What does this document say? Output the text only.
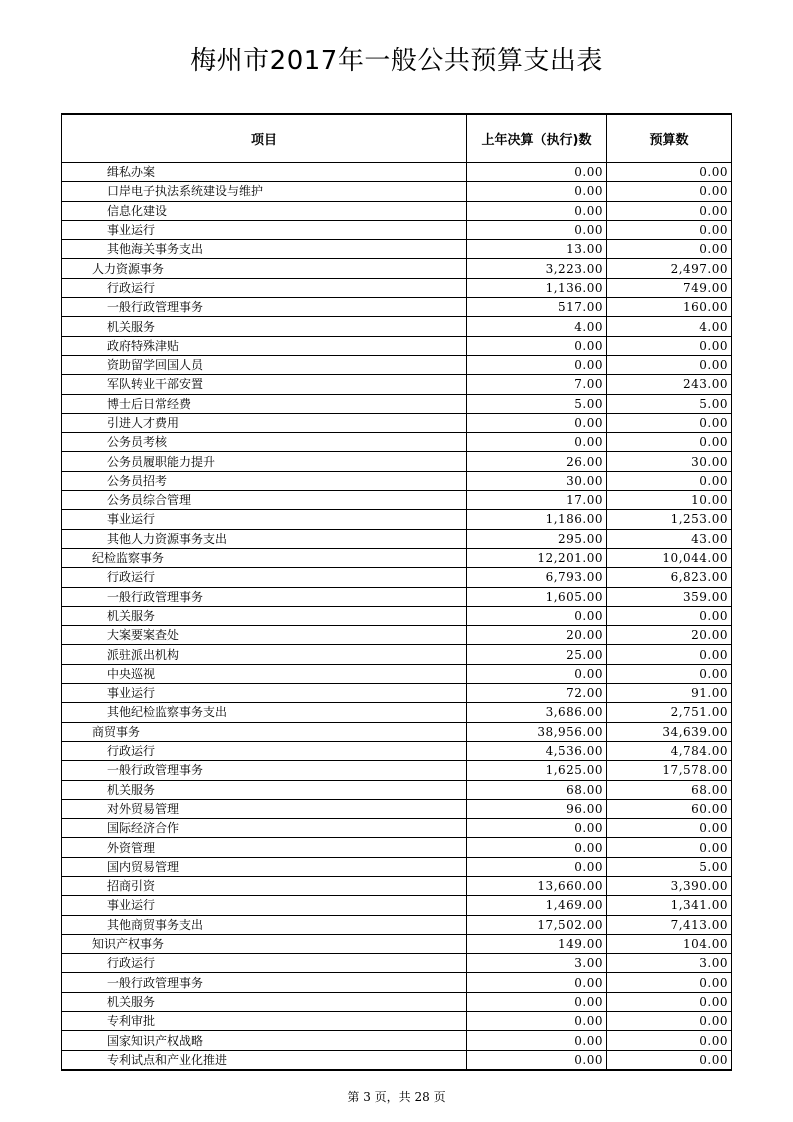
梅州市2017年一般公共预算支出表
项目	上年决算（执行)数	预算数
缉私办案	0.00	0.00
口岸电子执法系统建设与维护	0.00	0.00
信息化建设	0.00	0.00
事业运行	0.00	0.00
其他海关事务支出	13.00	0.00
人力资源事务	3,223.00	2,497.00
行政运行	1,136.00	749.00
一般行政管理事务	517.00	160.00
机关服务	4.00	4.00
政府特殊津贴	0.00	0.00
资助留学回国人员	0.00	0.00
军队转业干部安置	7.00	243.00
博士后日常经费	5.00	5.00
引进人才费用	0.00	0.00
公务员考核	0.00	0.00
公务员履职能力提升	26.00	30.00
公务员招考	30.00	0.00
公务员综合管理	17.00	10.00
事业运行	1,186.00	1,253.00
其他人力资源事务支出	295.00	43.00
纪检监察事务	12,201.00	10,044.00
行政运行	6,793.00	6,823.00
一般行政管理事务	1,605.00	359.00
机关服务	0.00	0.00
大案要案查处	20.00	20.00
派驻派出机构	25.00	0.00
中央巡视	0.00	0.00
事业运行	72.00	91.00
其他纪检监察事务支出	3,686.00	2,751.00
商贸事务	38,956.00	34,639.00
行政运行	4,536.00	4,784.00
一般行政管理事务	1,625.00	17,578.00
机关服务	68.00	68.00
对外贸易管理	96.00	60.00
国际经济合作	0.00	0.00
外资管理	0.00	0.00
国内贸易管理	0.00	5.00
招商引资	13,660.00	3,390.00
事业运行	1,469.00	1,341.00
其他商贸事务支出	17,502.00	7,413.00
知识产权事务	149.00	104.00
行政运行	3.00	3.00
一般行政管理事务	0.00	0.00
机关服务	0.00	0.00
专利审批	0.00	0.00
国家知识产权战略	0.00	0.00
专利试点和产业化推进	0.00	0.00
第 3 页，共 28 页
